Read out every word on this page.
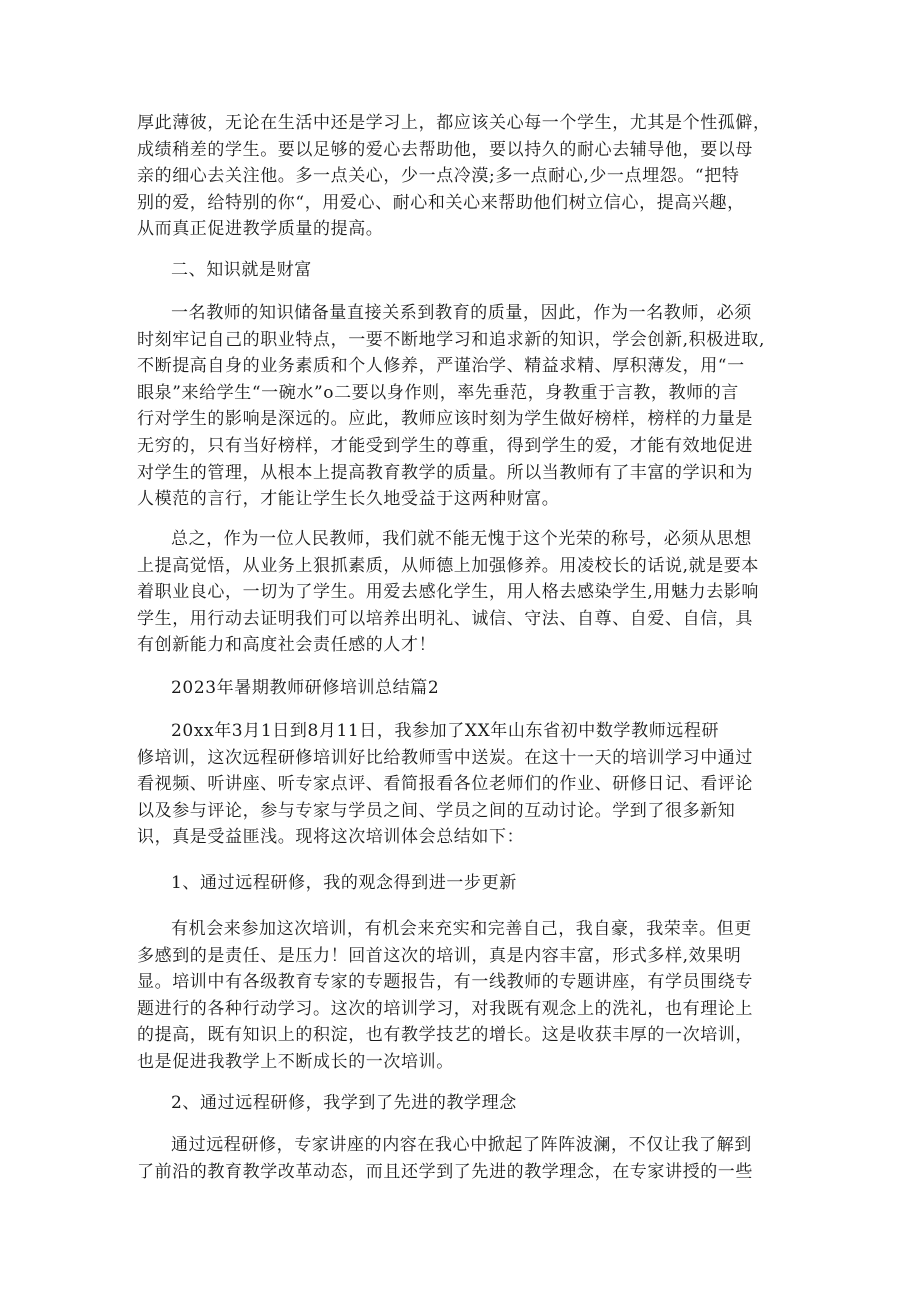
厚此薄彼，无论在生活中还是学习上，都应该关心每一个学生，尤其是个性孤僻，
成绩稍差的学生。要以足够的爱心去帮助他，要以持久的耐心去辅导他，要以母
亲的细心去关注他。多一点关心，少一点冷漠;多一点耐心,少一点埋怨。“把特
别的爱，给特别的你“，用爱心、耐心和关心来帮助他们树立信心，提高兴趣，
从而真正促进教学质量的提高。
二、知识就是财富
一名教师的知识储备量直接关系到教育的质量，因此，作为一名教师，必须
时刻牢记自己的职业特点，一要不断地学习和追求新的知识，学会创新,积极进取,
不断提高自身的业务素质和个人修养，严谨治学、精益求精、厚积薄发，用“一
眼泉”来给学生“一碗水”o二要以身作则，率先垂范，身教重于言教，教师的言
行对学生的影响是深远的。应此，教师应该时刻为学生做好榜样，榜样的力量是
无穷的，只有当好榜样，才能受到学生的尊重，得到学生的爱，才能有效地促进
对学生的管理，从根本上提高教育教学的质量。所以当教师有了丰富的学识和为
人模范的言行，才能让学生长久地受益于这两种财富。
总之，作为一位人民教师，我们就不能无愧于这个光荣的称号，必须从思想
上提高觉悟，从业务上狠抓素质，从师德上加强修养。用凌校长的话说,就是要本
着职业良心，一切为了学生。用爱去感化学生，用人格去感染学生,用魅力去影响
学生，用行动去证明我们可以培养出明礼、诚信、守法、自尊、自爱、自信，具
有创新能力和高度社会责任感的人才！
2023年暑期教师研修培训总结篇2
20xx年3月1日到8月11日，我参加了XX年山东省初中数学教师远程研
修培训，这次远程研修培训好比给教师雪中送炭。在这十一天的培训学习中通过
看视频、听讲座、听专家点评、看简报看各位老师们的作业、研修日记、看评论
以及参与评论，参与专家与学员之间、学员之间的互动讨论。学到了很多新知
识，真是受益匪浅。现将这次培训体会总结如下：
1、通过远程研修，我的观念得到进一步更新
有机会来参加这次培训，有机会来充实和完善自己，我自豪，我荣幸。但更
多感到的是责任、是压力！回首这次的培训，真是内容丰富，形式多样,效果明
显。培训中有各级教育专家的专题报告，有一线教师的专题讲座，有学员围绕专
题进行的各种行动学习。这次的培训学习，对我既有观念上的洗礼，也有理论上
的提高，既有知识上的积淀，也有教学技艺的增长。这是收获丰厚的一次培训，
也是促进我教学上不断成长的一次培训。
2、通过远程研修，我学到了先进的教学理念
通过远程研修，专家讲座的内容在我心中掀起了阵阵波澜，不仅让我了解到
了前沿的教育教学改革动态，而且还学到了先进的教学理念，在专家讲授的一些
